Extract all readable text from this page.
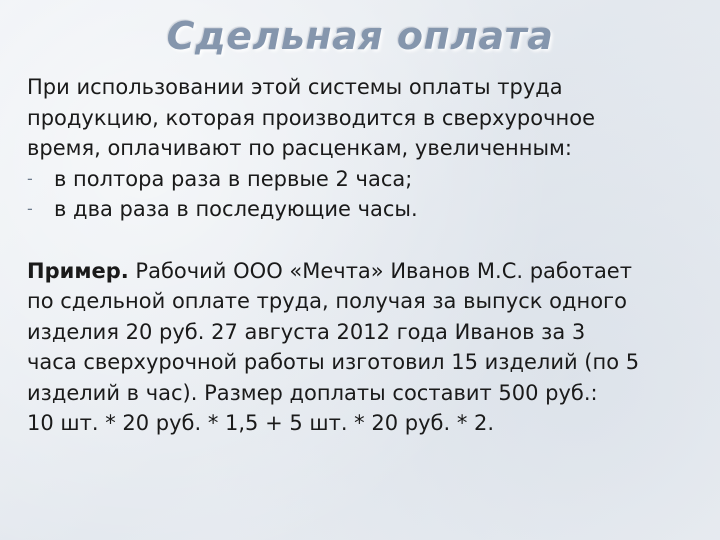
Сдельная оплата

При использовании этой системы оплаты труда

продукцию, которая производится в сверхурочное

время, оплачивают по расценкам, увеличенным:

- в полтора раза в первые 2 часа;

- в два раза в последующие часы.

Пример. Рабочий ООО «Мечта» Иванов М.С. работает

по сдельной оплате труда, получая за выпуск одного

изделия 20 руб. 27 августа 2012 года Иванов за 3

часа сверхурочной работы изготовил 15 изделий (по 5

изделий в час). Размер доплаты составит 500 руб.:

10 шт. * 20 руб. * 1,5 + 5 шт. * 20 руб. * 2.
